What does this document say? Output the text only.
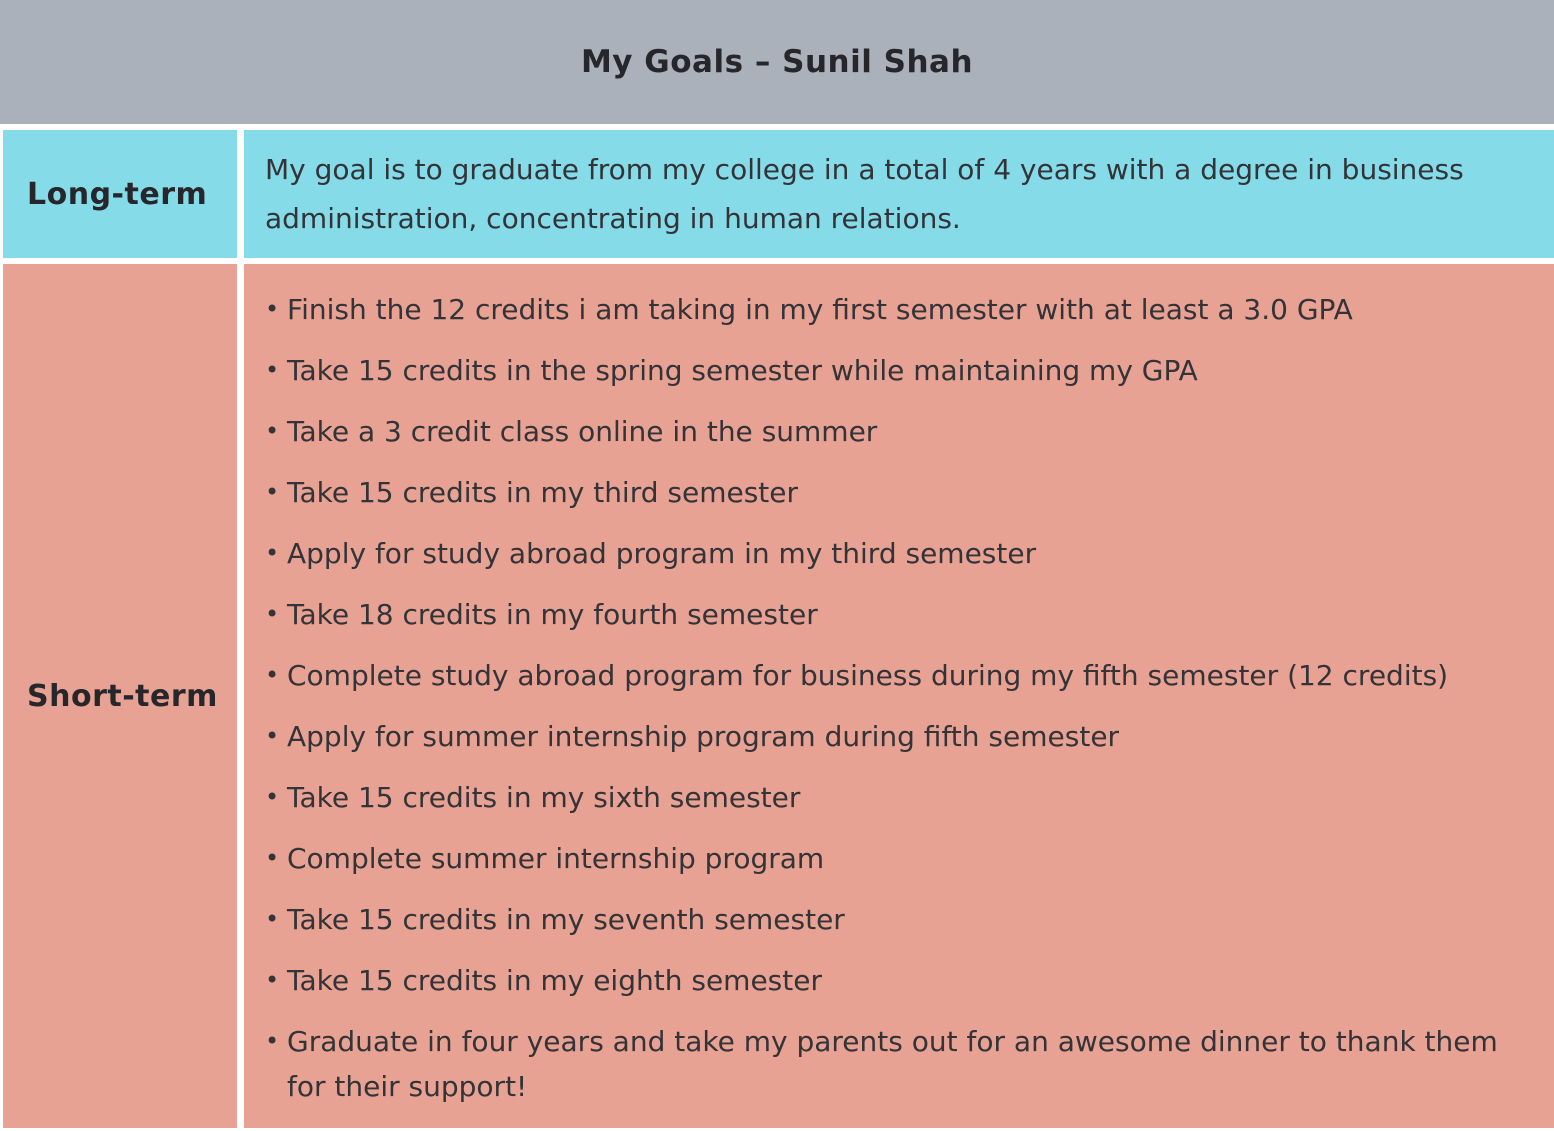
My Goals – Sunil Shah
Long-term

My goal is to graduate from my college in a total of 4 years with a degree in business administration, concentrating in human relations.

Short-term
• Finish the 12 credits i am taking in my first semester with at least a 3.0 GPA
• Take 15 credits in the spring semester while maintaining my GPA
• Take a 3 credit class online in the summer
• Take 15 credits in my third semester
• Apply for study abroad program in my third semester
• Take 18 credits in my fourth semester
• Complete study abroad program for business during my fifth semester (12 credits)
• Apply for summer internship program during fifth semester
• Take 15 credits in my sixth semester
• Complete summer internship program
• Take 15 credits in my seventh semester
• Take 15 credits in my eighth semester
• Graduate in four years and take my parents out for an awesome dinner to thank them for their support!
